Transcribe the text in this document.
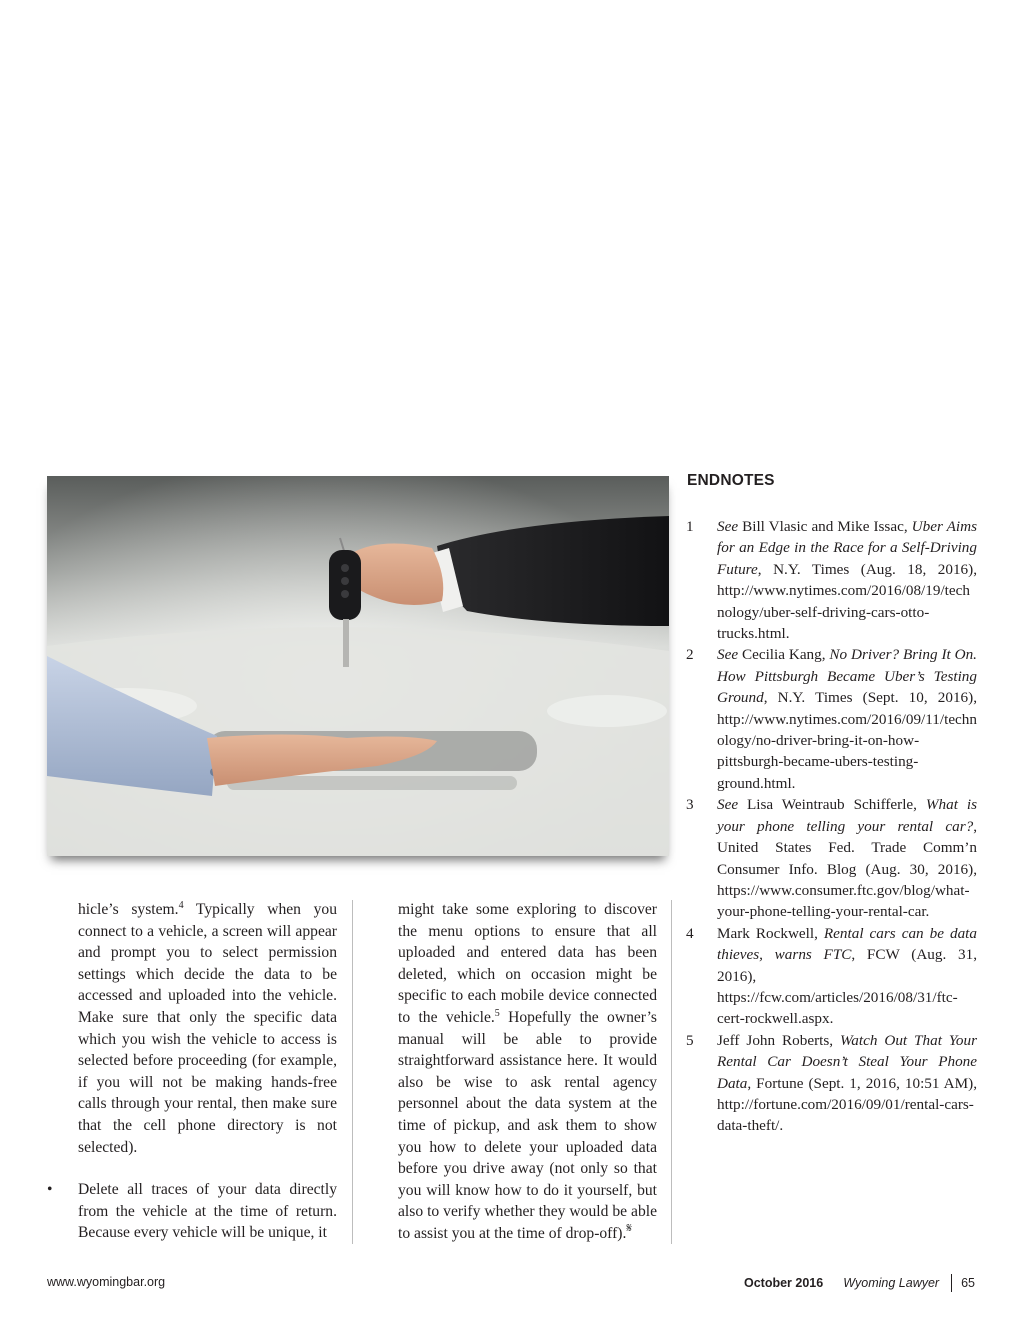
hicle’s system.$^4$ Typically when you connect to a vehicle, a screen will appear and prompt you to select permission settings which decide the data to be accessed and uploaded into the vehicle. Make sure that only the specific data which you wish the vehicle to access is selected before proceeding (for example, if you will not be making hands-free calls through your rental, then make sure that the cell phone directory is not selected).

• Delete all traces of your data directly from the vehicle at the time of return. Because every vehicle will be unique, it

might take some exploring to discover the menu options to ensure that all uploaded and entered data has been deleted, which on occasion might be specific to each mobile device connected to the vehicle.$^5$ Hopefully the owner’s manual will be able to provide straightforward assistance here. It would also be wise to ask rental agency personnel about the data system at the time of pickup, and ask them to show you how to delete your uploaded data before you drive away (not only so that you will know how to do it yourself, but also to verify whether they would be able to assist you at the time of drop-off).𝄋

ENDNOTES
1 See Bill Vlasic and Mike Issac, Uber Aims for an Edge in the Race for a Self-Driving Future, N.Y. Times (Aug. 18, 2016), http://www.nytimes.com/2016/08/19/technology/uber-self-driving-cars-otto-trucks.html.
2 See Cecilia Kang, No Driver? Bring It On. How Pittsburgh Became Uber’s Testing Ground, N.Y. Times (Sept. 10, 2016), http://www.nytimes.com/2016/09/11/technology/no-driver-bring-it-on-how-pittsburgh-became-ubers-testing-ground.html.
3 See Lisa Weintraub Schifferle, What is your phone telling your rental car?, United States Fed. Trade Comm’n Consumer Info. Blog (Aug. 30, 2016), https://www.consumer.ftc.gov/blog/what-your-phone-telling-your-rental-car.
4 Mark Rockwell, Rental cars can be data thieves, warns FTC, FCW (Aug. 31, 2016), https://fcw.com/articles/2016/08/31/ftc-cert-rockwell.aspx.
5 Jeff John Roberts, Watch Out That Your Rental Car Doesn’t Steal Your Phone Data, Fortune (Sept. 1, 2016, 10:51 AM), http://fortune.com/2016/09/01/rental-cars-data-theft/.
www.wyomingbar.org	October 2016 Wyoming Lawyer 65
